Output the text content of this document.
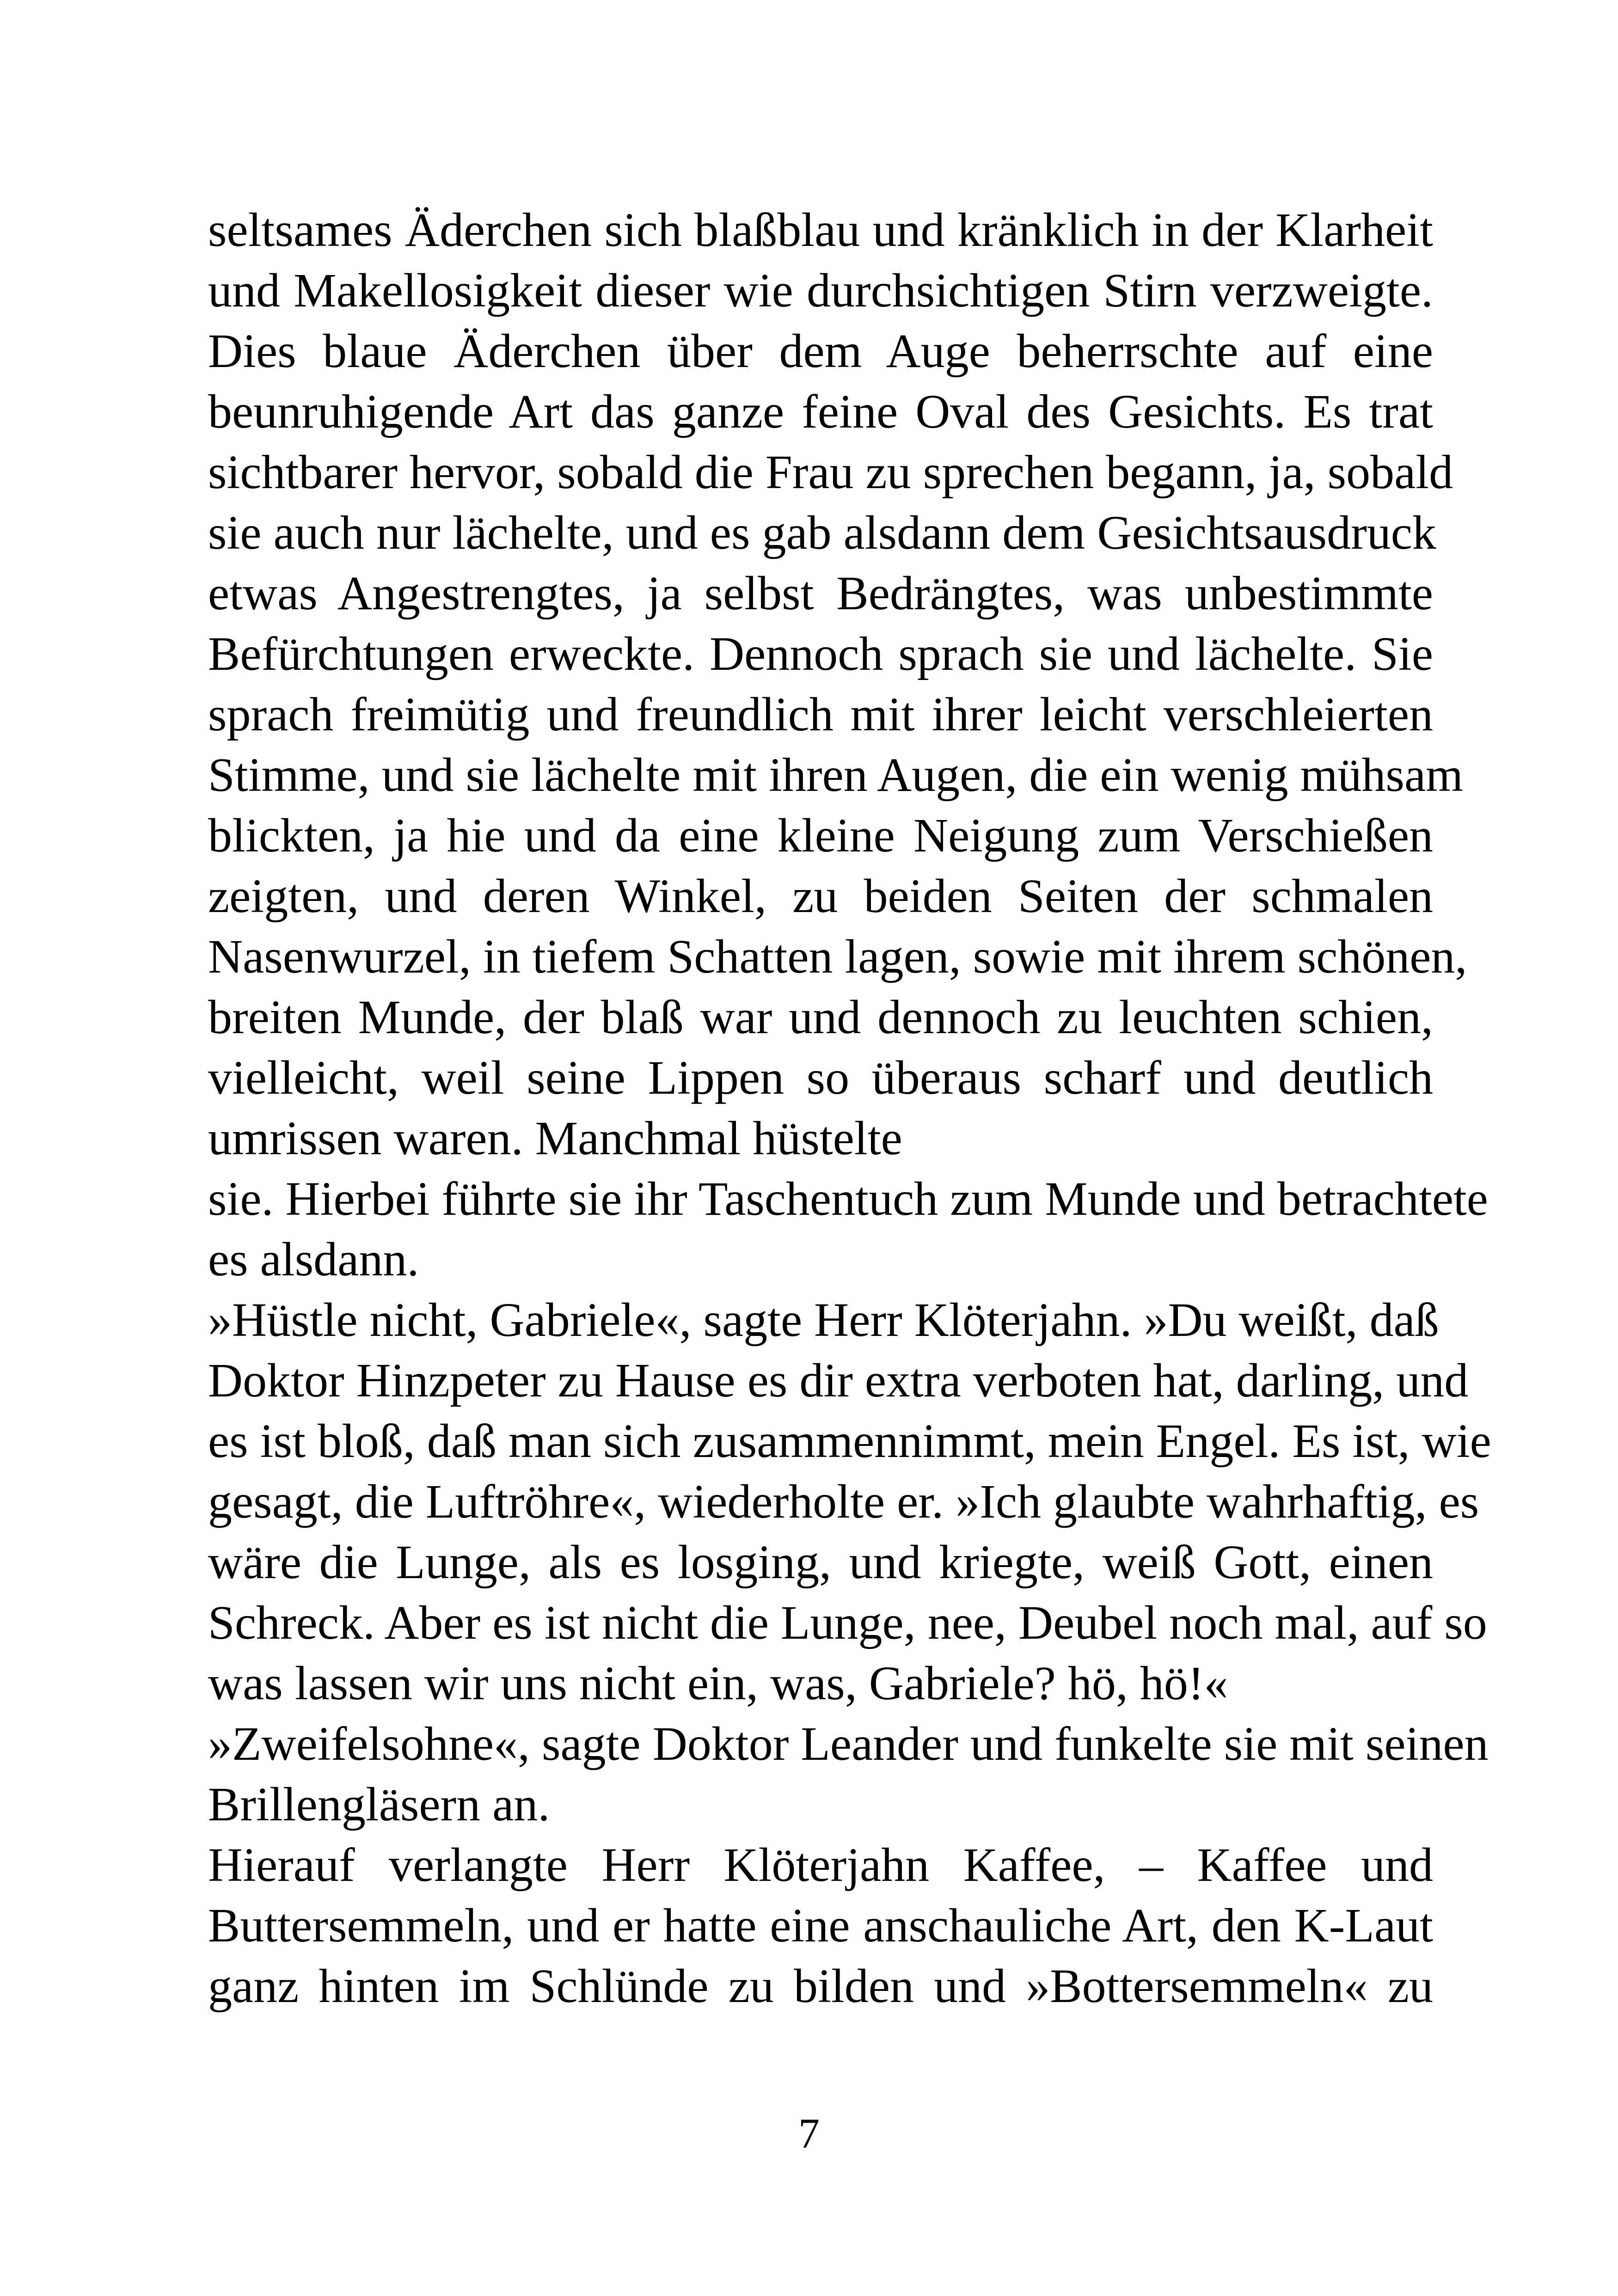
seltsames Äderchen sich blaßblau und kränklich in der Klarheit
und Makellosigkeit dieser wie durchsichtigen Stirn verzweigte.
Dies blaue Äderchen über dem Auge beherrschte auf eine
beunruhigende Art das ganze feine Oval des Gesichts. Es trat
sichtbarer hervor, sobald die Frau zu sprechen begann, ja, sobald
sie auch nur lächelte, und es gab alsdann dem Gesichtsausdruck
etwas Angestrengtes, ja selbst Bedrängtes, was unbestimmte
Befürchtungen erweckte. Dennoch sprach sie und lächelte. Sie
sprach freimütig und freundlich mit ihrer leicht verschleierten
Stimme, und sie lächelte mit ihren Augen, die ein wenig mühsam
blickten, ja hie und da eine kleine Neigung zum Verschießen
zeigten, und deren Winkel, zu beiden Seiten der schmalen
Nasenwurzel, in tiefem Schatten lagen, sowie mit ihrem schönen,
breiten Munde, der blaß war und dennoch zu leuchten schien,
vielleicht, weil seine Lippen so überaus scharf und deutlich
umrissen waren. Manchmal hüstelte
sie. Hierbei führte sie ihr Taschentuch zum Munde und betrachtete
es alsdann.
»Hüstle nicht, Gabriele«, sagte Herr Klöterjahn. »Du weißt, daß
Doktor Hinzpeter zu Hause es dir extra verboten hat, darling, und
es ist bloß, daß man sich zusammennimmt, mein Engel. Es ist, wie
gesagt, die Luftröhre«, wiederholte er. »Ich glaubte wahrhaftig, es
wäre die Lunge, als es losging, und kriegte, weiß Gott, einen
Schreck. Aber es ist nicht die Lunge, nee, Deubel noch mal, auf so
was lassen wir uns nicht ein, was, Gabriele? hö, hö!«
»Zweifelsohne«, sagte Doktor Leander und funkelte sie mit seinen
Brillengläsern an.
Hierauf verlangte Herr Klöterjahn Kaffee, – Kaffee und
Buttersemmeln, und er hatte eine anschauliche Art, den K-Laut
ganz hinten im Schlünde zu bilden und »Bottersemmeln« zu
7
